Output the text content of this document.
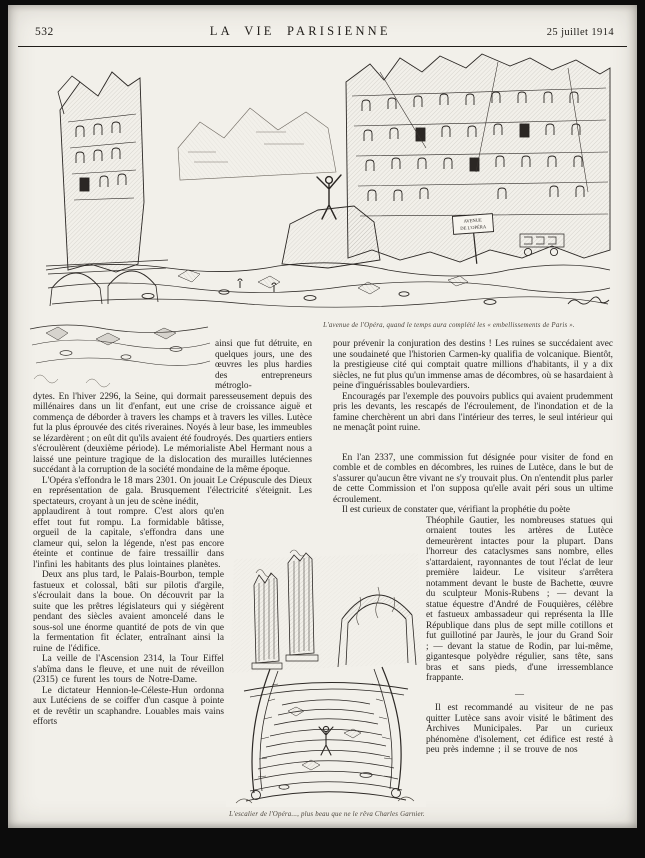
532	LA VIE PARISIENNE	25 juillet 1914
AVENUE
DE L'OPÉRA
L'avenue de l'Opéra, quand le temps aura complété les « embellissements de Paris ».

ainsi que fut détruite, en quelques jours, une des œuvres les plus hardies des entrepreneurs métroglo-

dytes. En l'hiver 2296, la Seine, qui dormait paresseusement depuis des millénaires dans un lit d'enfant, eut une crise de croissance aiguë et commença de déborder à travers les champs et à travers les villes. Lutèce fut la plus éprouvée des cités riveraines. Noyés à leur base, les immeubles se lézardèrent ; on eût dit qu'ils avaient été foudroyés. Des quartiers entiers s'écroulèrent (deuxième période). Le mémorialiste Abel Hermant nous a laissé une peinture tragique de la dislocation des murailles lutéciennes succédant à la corruption de la société mondaine de la même époque.

L'Opéra s'effondra le 18 mars 2301. On jouait Le Crépuscule des Dieux en représentation de gala. Brusquement l'électricité s'éteignit. Les spectateurs, croyant à un jeu de scène inédit,

applaudirent à tout rompre. C'est alors qu'en effet tout fut rompu. La formidable bâtisse, orgueil de la capitale, s'effondra dans une clameur qui, selon la légende, n'est pas encore éteinte et continue de faire tressaillir dans l'infini les habitants des plus lointaines planètes.

Deux ans plus tard, le Palais-Bourbon, temple fastueux et colossal, bâti sur pilotis d'argile, s'écroulait dans la boue. On découvrit par la suite que les prêtres législateurs qui y siégèrent pendant des siècles avaient amoncelé dans le sous-sol une énorme quantité de pots de vin que la fermentation fit éclater, entraînant ainsi la ruine de l'édifice.

La veille de l'Ascension 2314, la Tour Eiffel s'abîma dans le fleuve, et une nuit de réveillon (2315) ce furent les tours de Notre-Dame.

Le dictateur Hennion-le-Céleste-Hun ordonna aux Lutéciens de se coiffer d'un casque à pointe et de revêtir un scaphandre. Louables mais vains efforts

pour prévenir la conjuration des destins ! Les ruines se succédaient avec une soudaineté que l'historien Carmen-ky qualifia de volcanique. Bientôt, la prestigieuse cité qui comptait quatre millions d'habitants, il y a dix siècles, ne fut plus qu'un immense amas de décombres, où se hasardaient à peine d'inguérissables boulevardiers.

Encouragés par l'exemple des pouvoirs publics qui avaient prudemment pris les devants, les rescapés de l'écroulement, de l'inondation et de la famine cherchèrent un abri dans l'intérieur des terres, le seul intérieur qui ne menaçât point ruine.

En l'an 2337, une commission fut désignée pour visiter de fond en comble et de combles en décombres, les ruines de Lutèce, dans le but de s'assurer qu'aucun être vivant ne s'y trouvait plus. On n'entendit plus parler de cette Commission et l'on supposa qu'elle avait péri sous un ultime écroulement.

Il est curieux de constater que, vérifiant la prophétie du poète

Théophile Gautier, les nombreuses statues qui ornaient toutes les artères de Lutèce demeurèrent intactes pour la plupart. Dans l'horreur des cataclysmes sans nombre, elles s'attardaient, rayonnantes de tout l'éclat de leur première laideur. Le visiteur s'arrêtera notamment devant le buste de Bachette, œuvre du sculpteur Monis-Rubens ; — devant la statue équestre d'André de Fouquières, célèbre et fastueux ambassadeur qui représenta la IIIe République dans plus de sept mille cotillons et fut guillotiné par Jaurès, le jour du Grand Soir ; — devant la statue de Rodin, par lui-même, gigantesque polyèdre régulier, sans tête, sans bras et sans pieds, d'une irressemblance frappante.

—

Il est recommandé au visiteur de ne pas quitter Lutèce sans avoir visité le bâtiment des Archives Municipales. Par un curieux phénomène d'isolement, cet édifice est resté à peu près indemne ; il se trouve de nos

L'escalier de l'Opéra..., plus beau que ne le rêva Charles Garnier.
